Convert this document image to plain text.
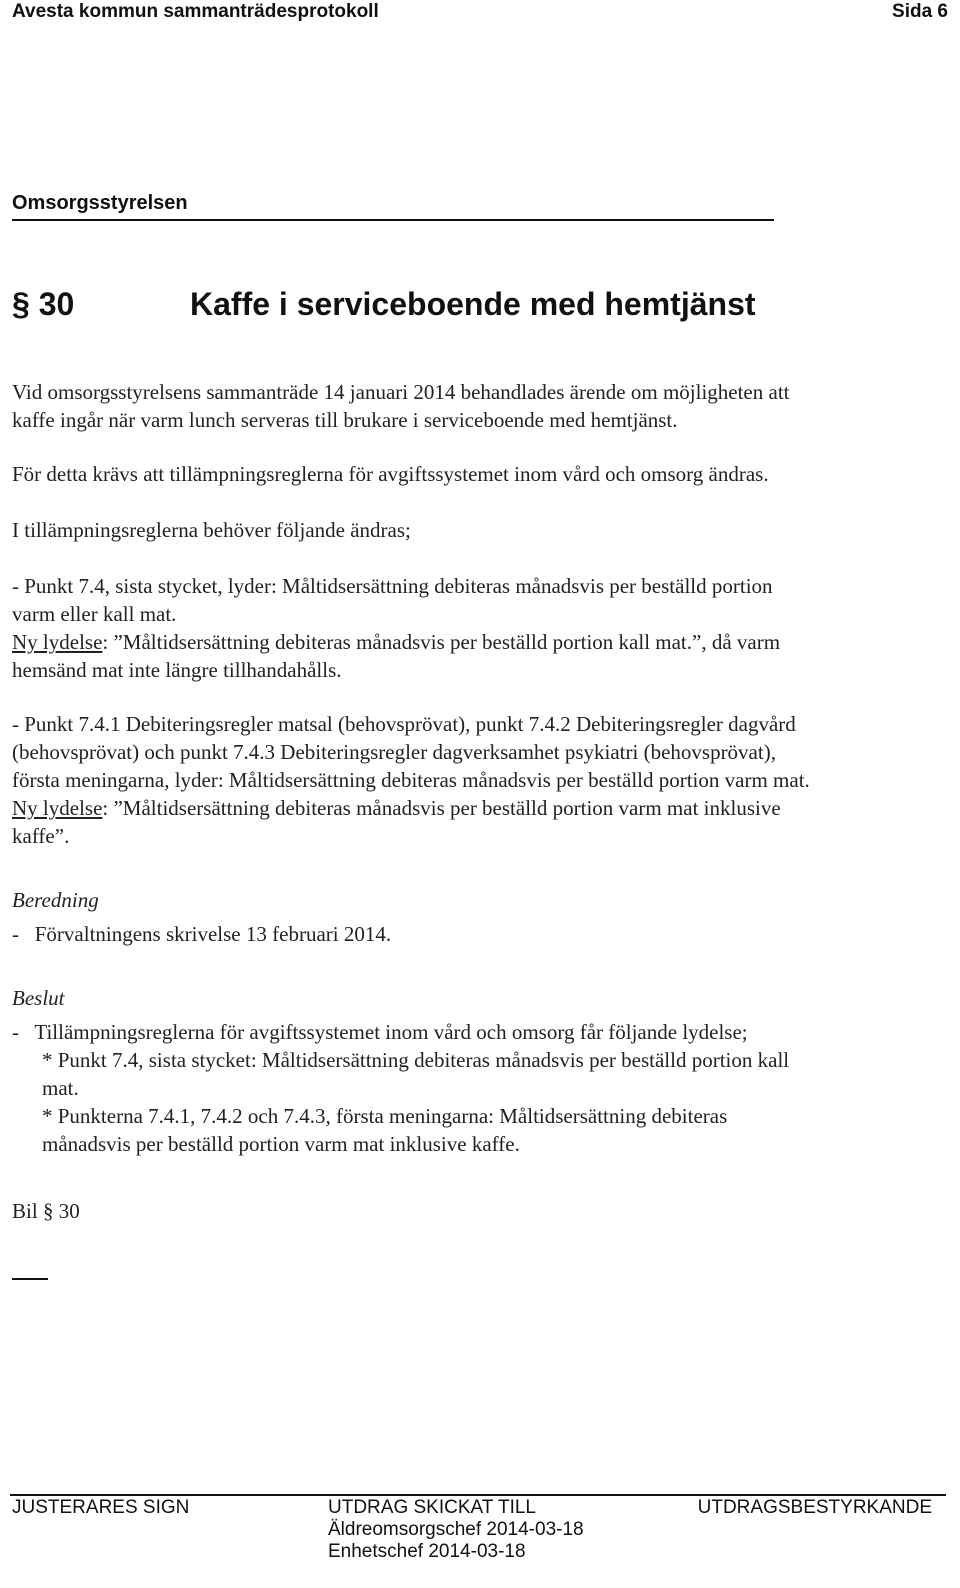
Avesta kommun sammanträdesprotokoll	Sida 6
Omsorgsstyrelsen
§ 30	Kaffe i serviceboende med hemtjänst
Vid omsorgsstyrelsens sammanträde 14 januari 2014 behandlades ärende om möjligheten att
kaffe ingår när varm lunch serveras till brukare i serviceboende med hemtjänst.
För detta krävs att tillämpningsreglerna för avgiftssystemet inom vård och omsorg ändras.
I tillämpningsreglerna behöver följande ändras;
- Punkt 7.4, sista stycket, lyder: Måltidsersättning debiteras månadsvis per beställd portion
varm eller kall mat.
Ny lydelse: ”Måltidsersättning debiteras månadsvis per beställd portion kall mat.”, då varm
hemsänd mat inte längre tillhandahålls.
- Punkt 7.4.1 Debiteringsregler matsal (behovsprövat), punkt 7.4.2 Debiteringsregler dagvård
(behovsprövat) och punkt 7.4.3 Debiteringsregler dagverksamhet psykiatri (behovsprövat),
första meningarna, lyder: Måltidsersättning debiteras månadsvis per beställd portion varm mat.
Ny lydelse: ”Måltidsersättning debiteras månadsvis per beställd portion varm mat inklusive
kaffe”.
Beredning
-   Förvaltningens skrivelse 13 februari 2014.
Beslut
-   Tillämpningsreglerna för avgiftssystemet inom vård och omsorg får följande lydelse;
* Punkt 7.4, sista stycket: Måltidsersättning debiteras månadsvis per beställd portion kall
mat.
* Punkterna 7.4.1, 7.4.2 och 7.4.3, första meningarna: Måltidsersättning debiteras
månadsvis per beställd portion varm mat inklusive kaffe.
Bil § 30
JUSTERARES SIGN	UTDRAG SKICKAT TILL
Äldreomsorgschef 2014-03-18
Enhetschef 2014-03-18
UTDRAGSBESTYRKANDE
